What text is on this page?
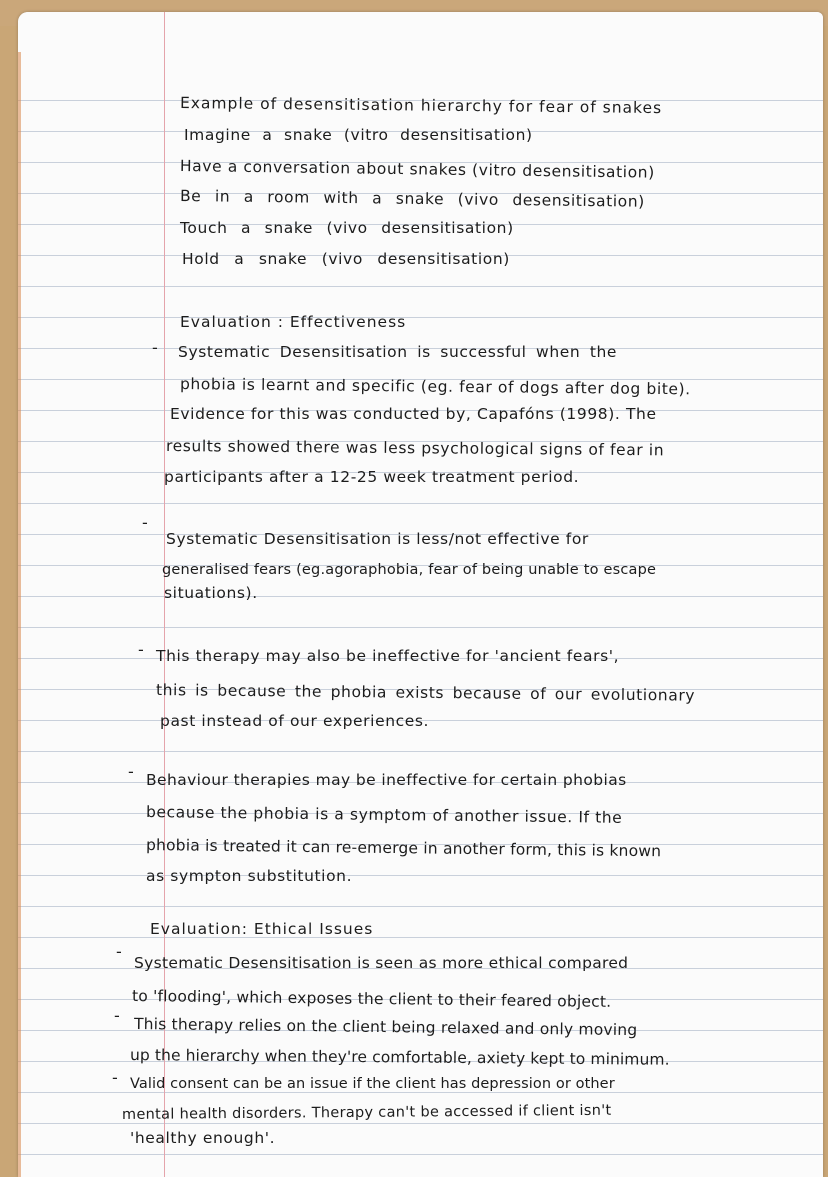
Example of desensitisation hierarchy for fear of snakes
Imagine a snake (vitro desensitisation)
Have a conversation about snakes (vitro desensitisation)
Be in a room with a snake (vivo desensitisation)
Touch a snake (vivo desensitisation)
Hold a snake (vivo desensitisation)
Evaluation : Effectiveness
- Systematic Desensitisation is successful when the
phobia is learnt and specific (eg. fear of dogs after dog bite).
Evidence for this was conducted by, Capafóns (1998). The
results showed there was less psychological signs of fear in
participants after a 12-25 week treatment period.
-
Systematic Desensitisation is less/not effective for
generalised fears (eg.agoraphobia, fear of being unable to escape
situations).
- This therapy may also be ineffective for 'ancient fears',
this is because the phobia exists because of our evolutionary
past instead of our experiences.
- Behaviour therapies may be ineffective for certain phobias
because the phobia is a symptom of another issue. If the
phobia is treated it can re-emerge in another form, this is known
as sympton substitution.
Evaluation: Ethical Issues
-
Systematic Desensitisation is seen as more ethical compared
to 'flooding', which exposes the client to their feared object.
- This therapy relies on the client being relaxed and only moving
up the hierarchy when they're comfortable, axiety kept to minimum.
- Valid consent can be an issue if the client has depression or other
mental health disorders. Therapy can't be accessed if client isn't
'healthy enough'.
